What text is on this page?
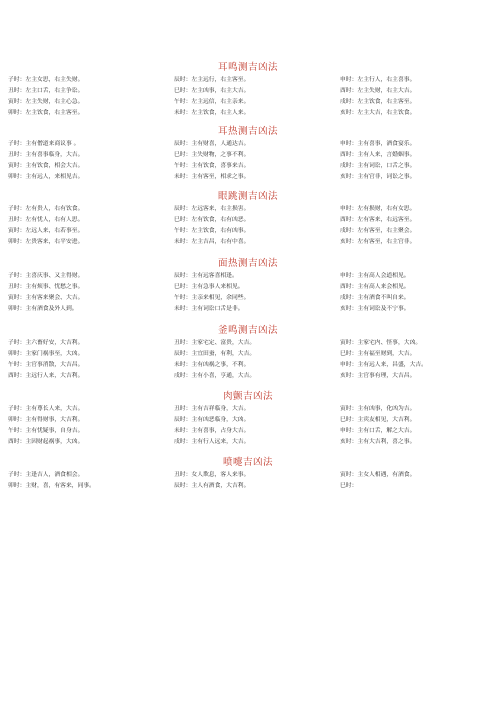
耳鸣测吉凶法
子时：左主女思，右主失财。	辰时：左主远行，右主客至。	申时：左主行人，右主喜事。
丑时：左主口舌，右主争讼。	巳时：左主凶事，右主大吉。	酉时：左主失财，右主大吉。
寅时：左主失财，右主心急。	午时：左主远信，右主亲来。	戌时：左主饮食，右主客至。
卯时：左主饮食，右主客至。	未时：左主饮食，右主人来。	亥时：左主大吉，右主饮食。
耳热测吉凶法
子时：主有僧道来商议事 。	辰时：主有财喜，人通达吉。	申时：主有喜事，酒食宴乐。
丑时：主有喜事临身，大吉。	巳时：主失财物，之事不利。	酉时：主有人来，言婚姻事。
寅时：主有饮食，相会大吉。	午时：主有饮食，喜事来吉。	戌时：主有词讼，口舌之事。
卯时：主有远人，来相见吉。	未时：主有客至，相求之事。	亥时：主有官非，词讼之事。
眼跳测吉凶法
子时：左有贵人，右有饮食。	辰时：左远客来，右主损害。	申时：左有损财，右有女思。
丑时：左有忧人，右有人思。	巳时：左有饮食，右有凶恶。	酉时：左有客来，右远客至。
寅时：左远人来，右若事至。	午时：左主饮食，右有凶事。	戌时：左有客至，右主聚会。
卯时：左贵客来，右平安进。	未时：左主吉昌，右有中喜。	亥时：左有客至，右主官非。
面热测吉凶法
子时：主喜庆事、又主得财。	辰时：主有远客喜相逢。	申时：主有高人会道相见。
丑时：主有烦事、忧愁之事。	巳时：主有急事人来相见。	酉时：主有高人来会相见。
寅时：主有客来聚会、大吉。	午时：主亲来相见，余同些。	戌时：主有酒食不叫自来。
卯时：主有酒食及外人到。	未时：主有词讼口舌是非。	亥时：主有词讼及不宁事。
釜鸣测吉凶法
子时：主六畜好安，大吉利。	丑时：主家宅定、富贵，大吉。	寅时：主家宅内、怪事，大凶。
卯时：主家门祸事至，大凶。	辰时：主宜田蚕，有利，大吉。	巳时：主有福至财到，大吉。
午时：主官事消散，大吉昌。	未时：主有凶祸之事，不利。	申时：主有远人来，昌盛，大吉。
酉时：主远行人来，大吉利。	戌时：主有小喜，亨通，大吉。	亥时：主官事有理，大吉昌。
肉颤吉凶法
子时：主有尊长人来，大吉。	丑时：主有吉祥临身，大吉。	寅时：主有凶事，化凶为吉。
卯时：主有得财事，大吉利。	辰时：主有凶恶临身，大凶。	巳时：主宾友相见，大吉利。
午时：主有忧疑事，自身吉。	未时：主有喜事，占身大吉。	申时：主有口舌，解之大吉。
酉时：主因财起祸事，大凶。	戌时：主有行人远来，大吉。	亥时：主有大吉利，喜之事。
喷嚏吉凶法
子时：主逢吉人，酒食相会。	丑时：女人欺息，客人来事。	寅时：主女人相遇，有酒食。
卯时：主财，喜，有客来，同事。	辰时：主人有酒食，大吉利。	巳时：
